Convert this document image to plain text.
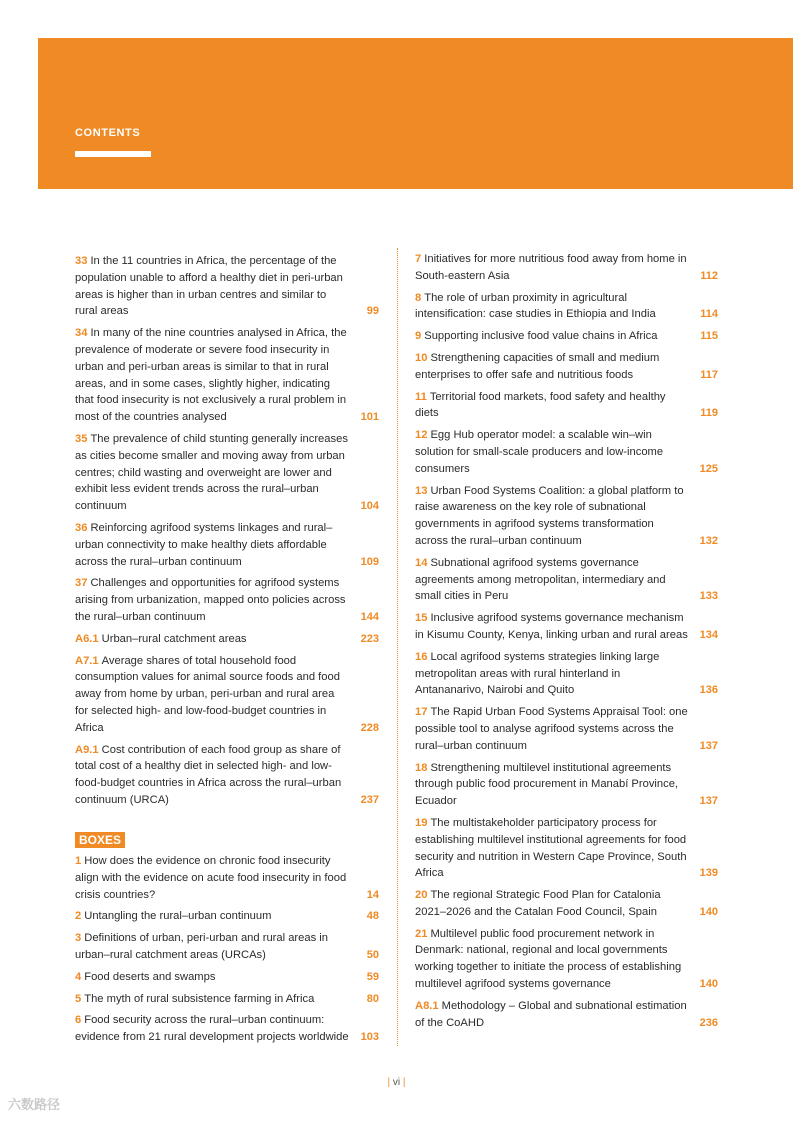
CONTENTS
33 In the 11 countries in Africa, the percentage of the population unable to afford a healthy diet in peri-urban areas is higher than in urban centres and similar to rural areas	99
34 In many of the nine countries analysed in Africa, the prevalence of moderate or severe food insecurity in urban and peri-urban areas is similar to that in rural areas, and in some cases, slightly higher, indicating that food insecurity is not exclusively a rural problem in most of the countries analysed	101
35 The prevalence of child stunting generally increases as cities become smaller and moving away from urban centres; child wasting and overweight are lower and exhibit less evident trends across the rural–urban continuum	104
36 Reinforcing agrifood systems linkages and rural–urban connectivity to make healthy diets affordable across the rural–urban continuum	109
37 Challenges and opportunities for agrifood systems arising from urbanization, mapped onto policies across the rural–urban continuum	144
A6.1 Urban–rural catchment areas	223
A7.1 Average shares of total household food consumption values for animal source foods and food away from home by urban, peri-urban and rural area for selected high- and low-food-budget countries in Africa	228
A9.1 Cost contribution of each food group as share of total cost of a healthy diet in selected high- and low-food-budget countries in Africa across the rural–urban continuum (URCA)	237
BOXES
1 How does the evidence on chronic food insecurity align with the evidence on acute food insecurity in food crisis countries?	14
2 Untangling the rural–urban continuum	48
3 Definitions of urban, peri-urban and rural areas in urban–rural catchment areas (URCAs)	50
4 Food deserts and swamps	59
5 The myth of rural subsistence farming in Africa	80
6 Food security across the rural–urban continuum: evidence from 21 rural development projects worldwide 103
7 Initiatives for more nutritious food away from home in South-eastern Asia	112
8 The role of urban proximity in agricultural intensification: case studies in Ethiopia and India	114
9 Supporting inclusive food value chains in Africa	115
10 Strengthening capacities of small and medium enterprises to offer safe and nutritious foods	117
11 Territorial food markets, food safety and healthy diets	119
12 Egg Hub operator model: a scalable win–win solution for small-scale producers and low-income consumers	125
13 Urban Food Systems Coalition: a global platform to raise awareness on the key role of subnational governments in agrifood systems transformation across the rural–urban continuum	132
14 Subnational agrifood systems governance agreements among metropolitan, intermediary and small cities in Peru	133
15 Inclusive agrifood systems governance mechanism in Kisumu County, Kenya, linking urban and rural areas 134
16 Local agrifood systems strategies linking large metropolitan areas with rural hinterland in Antananarivo, Nairobi and Quito	136
17 The Rapid Urban Food Systems Appraisal Tool: one possible tool to analyse agrifood systems across the rural–urban continuum	137
18 Strengthening multilevel institutional agreements through public food procurement in Manabí Province, Ecuador	137
19 The multistakeholder participatory process for establishing multilevel institutional agreements for food security and nutrition in Western Cape Province, South Africa	139
20 The regional Strategic Food Plan for Catalonia 2021–2026 and the Catalan Food Council, Spain	140
21 Multilevel public food procurement network in Denmark: national, regional and local governments working together to initiate the process of establishing multilevel agrifood systems governance	140
A8.1 Methodology – Global and subnational estimation of the CoAHD	236
| vi |
六数路径
